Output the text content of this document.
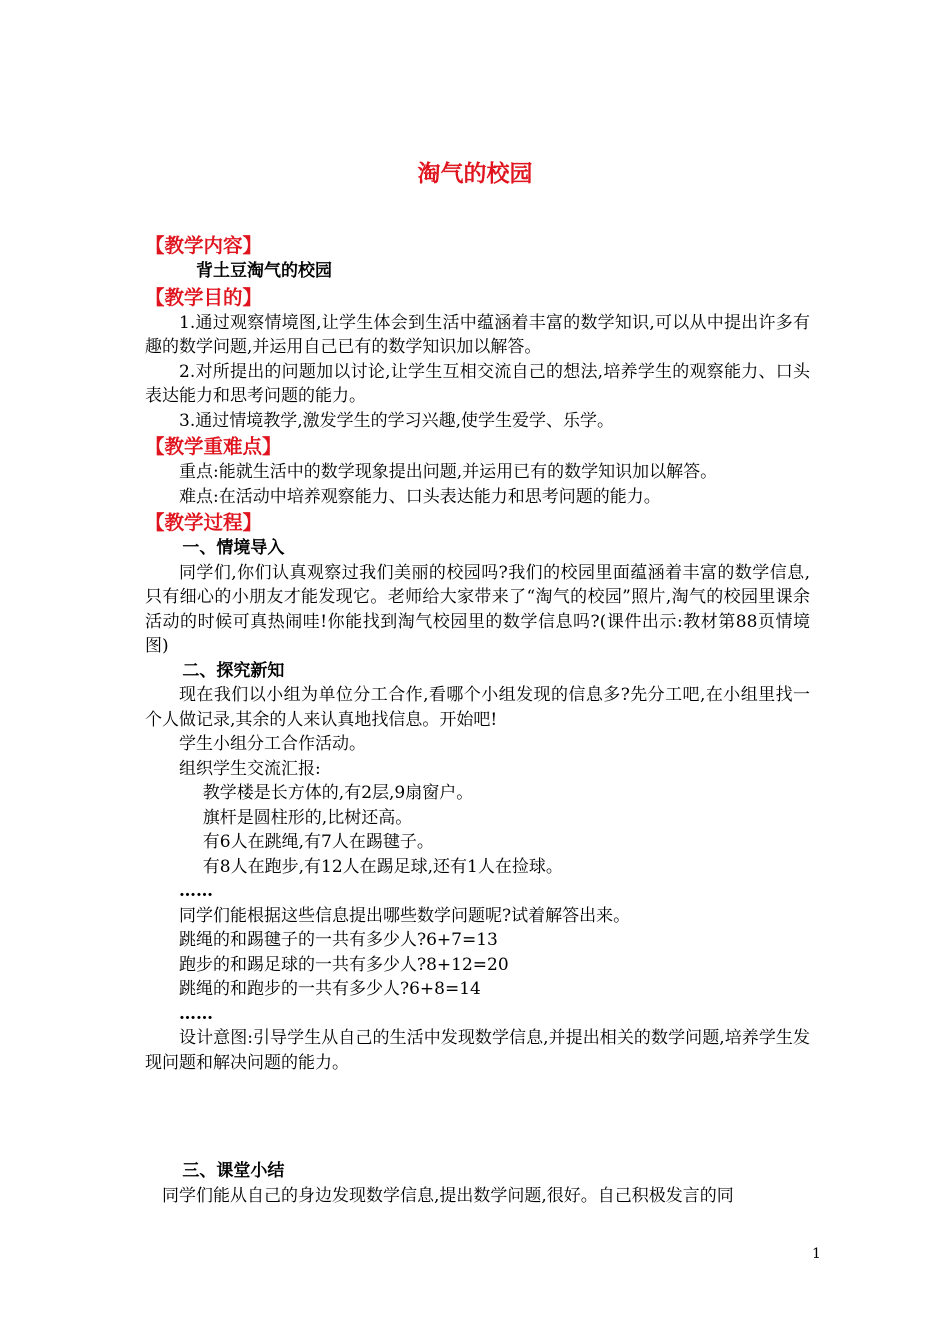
淘气的校园
【教学内容】
背土豆淘气的校园
【教学目的】
1.通过观察情境图,让学生体会到生活中蕴涵着丰富的数学知识,可以从中提出许多有趣的数学问题,并运用自己已有的数学知识加以解答。
2.对所提出的问题加以讨论,让学生互相交流自己的想法,培养学生的观察能力、口头表达能力和思考问题的能力。
3.通过情境教学,激发学生的学习兴趣,使学生爱学、乐学。
【教学重难点】
重点:能就生活中的数学现象提出问题,并运用已有的数学知识加以解答。
难点:在活动中培养观察能力、口头表达能力和思考问题的能力。
【教学过程】
一、情境导入
同学们,你们认真观察过我们美丽的校园吗?我们的校园里面蕴涵着丰富的数学信息,只有细心的小朋友才能发现它。老师给大家带来了“淘气的校园”照片,淘气的校园里课余活动的时候可真热闹哇!你能找到淘气校园里的数学信息吗?(课件出示:教材第88页情境图)
二、探究新知
现在我们以小组为单位分工合作,看哪个小组发现的信息多?先分工吧,在小组里找一个人做记录,其余的人来认真地找信息。开始吧!
学生小组分工合作活动。
组织学生交流汇报:
教学楼是长方体的,有2层,9扇窗户。
旗杆是圆柱形的,比树还高。
有6人在跳绳,有7人在踢毽子。
有8人在跑步,有12人在踢足球,还有1人在捡球。
……
同学们能根据这些信息提出哪些数学问题呢?试着解答出来。
跳绳的和踢毽子的一共有多少人?6+7=13
跑步的和踢足球的一共有多少人?8+12=20
跳绳的和跑步的一共有多少人?6+8=14
……
设计意图:引导学生从自己的生活中发现数学信息,并提出相关的数学问题,培养学生发现问题和解决问题的能力。
三、课堂小结
同学们能从自己的身边发现数学信息,提出数学问题,很好。自己积极发言的同
1
